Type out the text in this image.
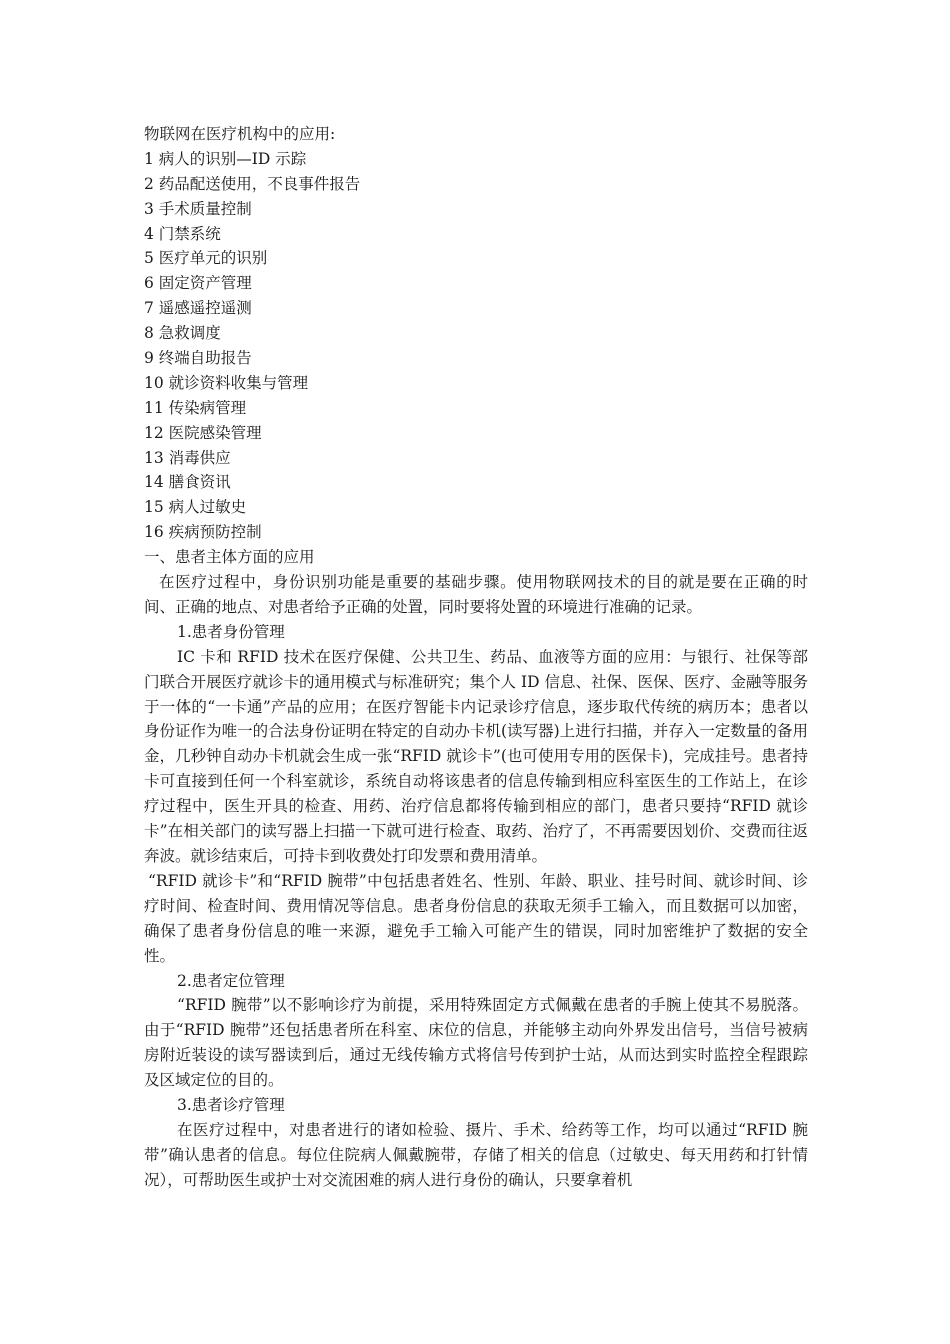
物联网在医疗机构中的应用:
1 病人的识别—ID 示踪
2 药品配送使用，不良事件报告
3 手术质量控制
4 门禁系统
5 医疗单元的识别
6 固定资产管理
7 遥感遥控遥测
8 急救调度
9 终端自助报告
10 就诊资料收集与管理
11 传染病管理
12 医院感染管理
13 消毒供应
14 膳食资讯
15 病人过敏史
16 疾病预防控制
一、患者主体方面的应用
在医疗过程中，身份识别功能是重要的基础步骤。使用物联网技术的目的就是要在正确的时间、正确的地点、对患者给予正确的处置，同时要将处置的环境进行准确的记录。
1.患者身份管理
IC 卡和 RFID 技术在医疗保健、公共卫生、药品、血液等方面的应用：与银行、社保等部门联合开展医疗就诊卡的通用模式与标准研究；集个人 ID 信息、社保、医保、医疗、金融等服务于一体的“一卡通”产品的应用；在医疗智能卡内记录诊疗信息，逐步取代传统的病历本；患者以身份证作为唯一的合法身份证明在特定的自动办卡机(读写器)上进行扫描，并存入一定数量的备用金，几秒钟自动办卡机就会生成一张“RFID 就诊卡”(也可使用专用的医保卡)，完成挂号。患者持卡可直接到任何一个科室就诊，系统自动将该患者的信息传输到相应科室医生的工作站上，在诊疗过程中，医生开具的检查、用药、治疗信息都将传输到相应的部门，患者只要持“RFID 就诊卡”在相关部门的读写器上扫描一下就可进行检查、取药、治疗了，不再需要因划价、交费而往返奔波。就诊结束后，可持卡到收费处打印发票和费用清单。
“RFID 就诊卡”和“RFID 腕带”中包括患者姓名、性别、年龄、职业、挂号时间、就诊时间、诊疗时间、检查时间、费用情况等信息。患者身份信息的获取无须手工输入，而且数据可以加密，确保了患者身份信息的唯一来源，避免手工输入可能产生的错误，同时加密维护了数据的安全性。
2.患者定位管理
“RFID 腕带”以不影响诊疗为前提，采用特殊固定方式佩戴在患者的手腕上使其不易脱落。由于“RFID 腕带”还包括患者所在科室、床位的信息，并能够主动向外界发出信号，当信号被病房附近装设的读写器读到后，通过无线传输方式将信号传到护士站，从而达到实时监控全程跟踪及区域定位的目的。
3.患者诊疗管理
在医疗过程中，对患者进行的诸如检验、摄片、手术、给药等工作，均可以通过“RFID 腕带”确认患者的信息。每位住院病人佩戴腕带，存储了相关的信息（过敏史、每天用药和打针情况），可帮助医生或护士对交流困难的病人进行身份的确认，只要拿着机
